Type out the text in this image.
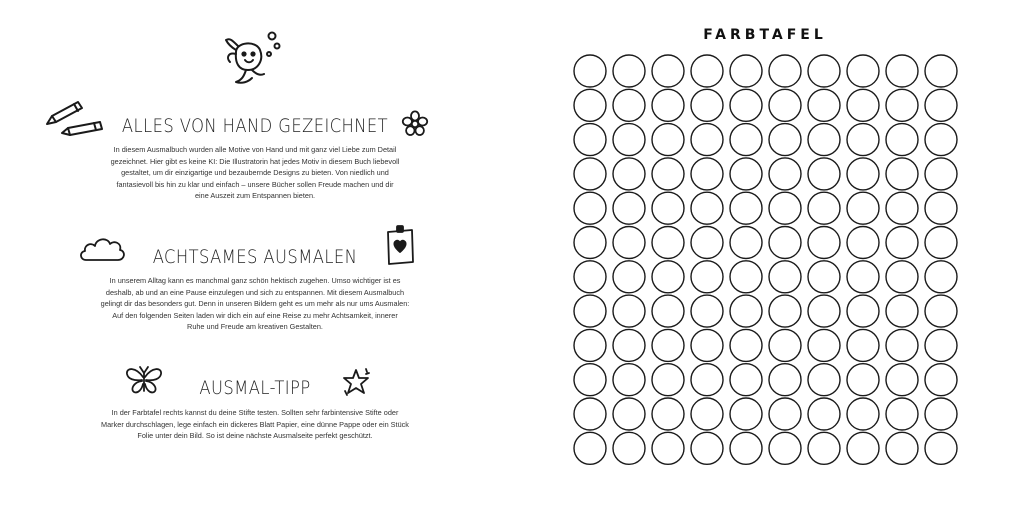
ALLES VON HAND GEZEICHNET
In diesem Ausmalbuch wurden alle Motive von Hand und mit ganz viel Liebe zum Detail
gezeichnet. Hier gibt es keine KI: Die Illustratorin hat jedes Motiv in diesem Buch liebevoll
gestaltet, um dir einzigartige und bezaubernde Designs zu bieten. Von niedlich und
fantasievoll bis hin zu klar und einfach – unsere Bücher sollen Freude machen und dir
eine Auszeit zum Entspannen bieten.
ACHTSAMES AUSMALEN
In unserem Alltag kann es manchmal ganz schön hektisch zugehen. Umso wichtiger ist es
deshalb, ab und an eine Pause einzulegen und sich zu entspannen. Mit diesem Ausmalbuch
gelingt dir das besonders gut. Denn in unseren Bildern geht es um mehr als nur ums Ausmalen:
Auf den folgenden Seiten laden wir dich ein auf eine Reise zu mehr Achtsamkeit, innerer
Ruhe und Freude am kreativen Gestalten.
AUSMAL-TIPP
In der Farbtafel rechts kannst du deine Stifte testen. Sollten sehr farbintensive Stifte oder
Marker durchschlagen, lege einfach ein dickeres Blatt Papier, eine dünne Pappe oder ein Stück
Folie unter dein Bild. So ist deine nächste Ausmalseite perfekt geschützt.
FARBTAFEL
